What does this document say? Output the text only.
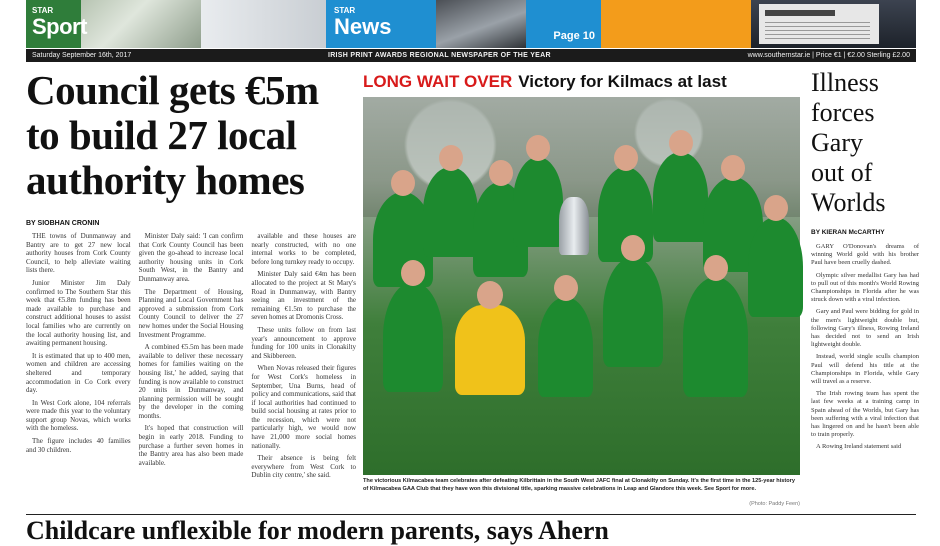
STAR
Sport
STAR
News	Page 10
Saturday September 16th, 2017	IRISH PRINT AWARDS REGIONAL NEWSPAPER OF THE YEAR	www.southernstar.ie | Price €1 | €2.00 Sterling £2.00
Council gets €5m to build 27 local authority homes
BY SIOBHAN CRONIN

THE towns of Dunmanway and Bantry are to get 27 new local authority houses from Cork County Council, to help alleviate waiting lists there.

Junior Minister Jim Daly confirmed to The Southern Star this week that €5.8m funding has been made available to purchase and construct additional houses to assist local families who are currently on the local authority housing list, and awaiting permanent housing.

It is estimated that up to 400 men, women and children are accessing sheltered and temporary accommodation in Co Cork every day.

In West Cork alone, 104 referrals were made this year to the voluntary support group Novas, which works with the homeless.

The figure includes 40 families and 30 children.

Minister Daly said: 'I can confirm that Cork County Council has been given the go-ahead to increase local authority housing units in Cork South West, in the Bantry and Dunmanway area.

The Department of Housing, Planning and Local Government has approved a submission from Cork County Council to deliver the 27 new homes under the Social Housing Investment Programme.

A combined €5.5m has been made available to deliver these necessary homes for families waiting on the housing list,' he added, saying that funding is now available to construct 20 units in Dunmanway, and planning permission will be sought by the developer in the coming months.

It's hoped that construction will begin in early 2018. Funding to purchase a further seven homes in the Bantry area has also been made available.

available and these houses are nearly constructed, with no one internal works to be completed, before long turnkey ready to occupy.

Minister Daly said €4m has been allocated to the project at St Mary's Road in Dunmanway, with Bantry seeing an investment of the remaining €1.5m to purchase the seven homes at Dromonis Cross.

These units follow on from last year's announcement to approve funding for 100 units in Clonakilty and Skibbereen.

When Novas released their figures for West Cork's homeless in September, Una Burns, head of policy and communications, said that if local authorities had continued to build social housing at rates prior to the recession, which were not particularly high, we would now have 21,000 more social homes nationally.

Their absence is being felt everywhere from West Cork to Dublin city centre,' she said.

LONG WAIT OVER Victory for Kilmacs at last
The victorious Kilmacabea team celebrates after defeating Kilbrittain in the South West JAFC final at Clonakilty on Sunday. It's the first time in the 125-year history of Kilmacabea GAA Club that they have won this divisional title, sparking massive celebrations in Leap and Glandore this week. See Sport for more.
(Photo: Paddy Feen)
Illness
forces
Gary
out of
Worlds
BY KIERAN McCARTHY

GARY O'Donovan's dreams of winning World gold with his brother Paul have been cruelly dashed.

Olympic silver medallist Gary has had to pull out of this month's World Rowing Championships in Florida after he was struck down with a viral infection.

Gary and Paul were bidding for gold in the men's lightweight double but, following Gary's illness, Rowing Ireland has decided not to send an Irish lightweight double.

Instead, world single sculls champion Paul will defend his title at the Championships in Florida, while Gary will travel as a reserve.

The Irish rowing team has spent the last few weeks at a training camp in Spain ahead of the Worlds, but Gary has been suffering with a viral infection that has lingered on and he hasn't been able to train properly.

A Rowing Ireland statement said

Childcare unflexible for modern parents, says Ahern
